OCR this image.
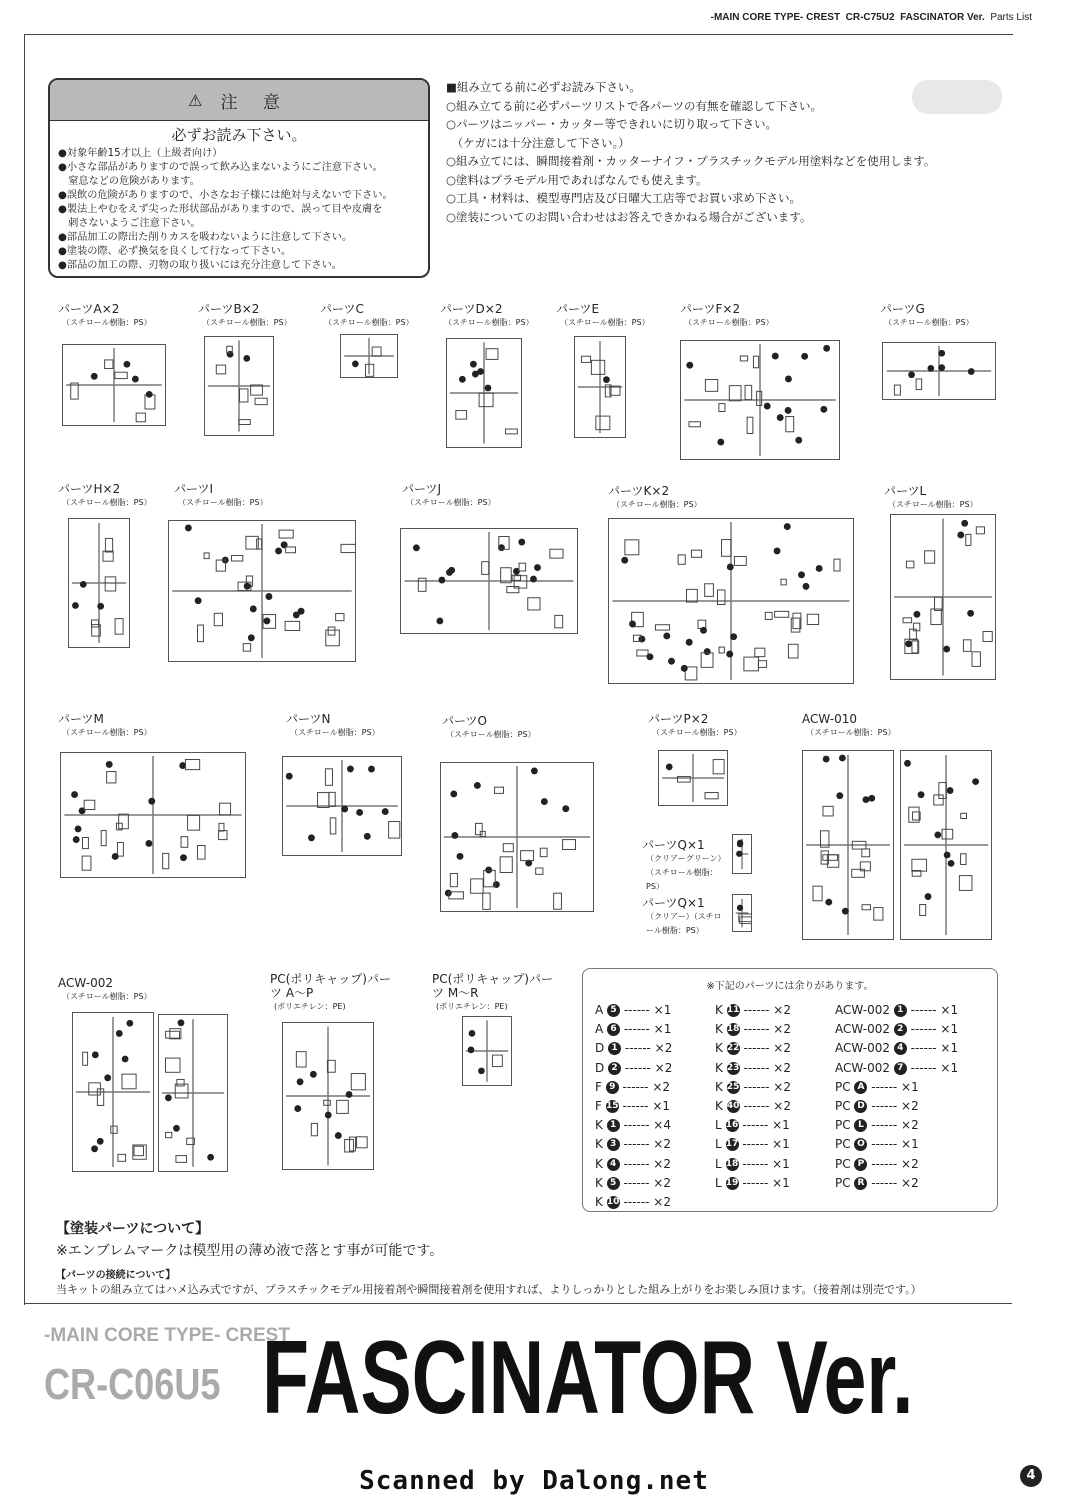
-MAIN CORE TYPE- CREST CR-C75U2 FASCINATOR Ver. Parts List
⚠ 注 意
必ずお読み下さい。
●対象年齢15才以上（上級者向け）
●小さな部品がありますので誤って飲み込まないようにご注意下さい。
　窒息などの危険があります。
●誤飲の危険がありますので、小さなお子様には絶対与えないで下さい。
●製法上やむをえず尖った形状部品がありますので、誤って目や皮膚を
　刺さないようご注意下さい。
●部品加工の際出た削りカスを吸わないように注意して下さい。
●塗装の際、必ず換気を良くして行なって下さい。
●部品の加工の際、刃物の取り扱いには充分注意して下さい。
■組み立てる前に必ずお読み下さい。
○組み立てる前に必ずパーツリストで各パーツの有無を確認して下さい。
○パーツはニッパー・カッター等できれいに切り取って下さい。
　（ケガには十分注意して下さい。）
○組み立てには、瞬間接着剤・カッターナイフ・プラスチックモデル用塗料などを使用します。
○塗料はプラモデル用であればなんでも使えます。
○工具・材料は、模型専門店及び日曜大工店等でお買い求め下さい。
○塗装についてのお問い合わせはお答えできかねる場合がございます。
パーツA×2
（スチロール樹脂：PS）
パーツB×2
（スチロール樹脂：PS）
パーツC
（スチロール樹脂：PS）
パーツD×2
（スチロール樹脂：PS）
パーツE
（スチロール樹脂：PS）
パーツF×2
（スチロール樹脂：PS）
パーツG
（スチロール樹脂：PS）
パーツH×2
（スチロール樹脂：PS）
パーツI
（スチロール樹脂：PS）
パーツJ
（スチロール樹脂：PS）
パーツK×2
（スチロール樹脂：PS）
パーツL
（スチロール樹脂：PS）
パーツM
（スチロール樹脂：PS）
パーツN
（スチロール樹脂：PS）
パーツO
（スチロール樹脂：PS）
パーツP×2
（スチロール樹脂：PS）
ACW-010
（スチロール樹脂：PS）
パーツQ×1
（クリアーグリーン）（スチロール樹脂：PS）
パーツQ×1
（クリアー）（スチロール樹脂：PS）
ACW-002
（スチロール樹脂：PS）
PC(ポリキャップ)パーツ A〜P
(ポリエチレン：PE)
PC(ポリキャップ)パーツ M〜R
(ポリエチレン：PE)
※下記のパーツには余りがあります。
A 5 ------ ×1
A 6 ------ ×1
D 1 ------ ×2
D 2 ------ ×2
F 9 ------ ×2
F 15 ------ ×1
K 1 ------ ×4
K 3 ------ ×2
K 4 ------ ×2
K 5 ------ ×2
K 10 ------ ×2
K 11 ------ ×2
K 18 ------ ×2
K 22 ------ ×2
K 23 ------ ×2
K 25 ------ ×2
K 40 ------ ×2
L 16 ------ ×1
L 17 ------ ×1
L 18 ------ ×1
L 19 ------ ×1
ACW-002 1 ------ ×1
ACW-002 2 ------ ×1
ACW-002 4 ------ ×1
ACW-002 7 ------ ×1
PC A ------ ×1
PC D ------ ×2
PC L ------ ×2
PC O ------ ×1
PC P ------ ×2
PC R ------ ×2
【塗装パーツについて】
※エンブレムマークは模型用の薄め液で落とす事が可能です。
【パーツの接続について】
当キットの組み立てはハメ込み式ですが、プラスチックモデル用接着剤や瞬間接着剤を使用すれば、よりしっかりとした組み上がりをお楽しみ頂けます。（接着剤は別売です。）
-MAIN CORE TYPE- CREST
CR-C06U5 FASCINATOR Ver.
Scanned by Dalong.net	4
